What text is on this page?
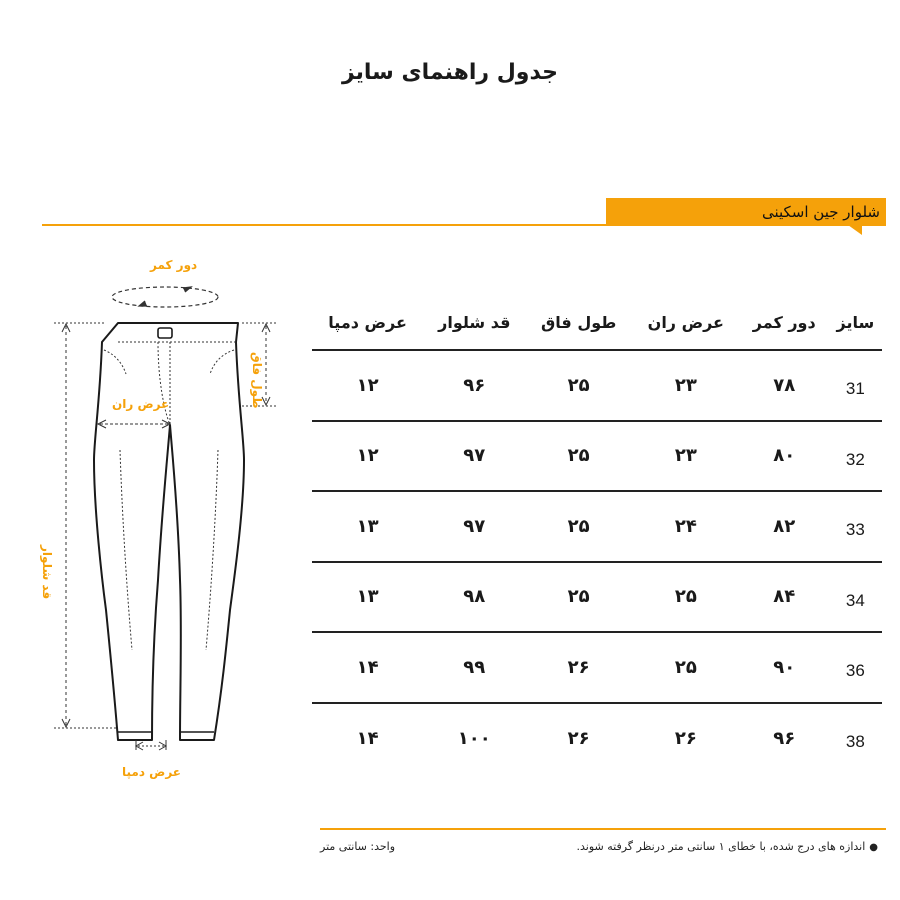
جدول راهنمای سایز
شلوار جین اسکینی
دور کمر
طول فاق
عرض ران
قد شلوار
عرض دمپا
سایز	دور کمر	عرض ران	طول فاق	قد شلوار	عرض دمپا
31	۷۸	۲۳	۲۵	۹۶	۱۲
32	۸۰	۲۳	۲۵	۹۷	۱۲
33	۸۲	۲۴	۲۵	۹۷	۱۳
34	۸۴	۲۵	۲۵	۹۸	۱۳
36	۹۰	۲۵	۲۶	۹۹	۱۴
38	۹۶	۲۶	۲۶	۱۰۰	۱۴
●اندازه های درج شده، با خطای ۱ سانتی متر درنظر گرفته شوند.
واحد: سانتی متر
